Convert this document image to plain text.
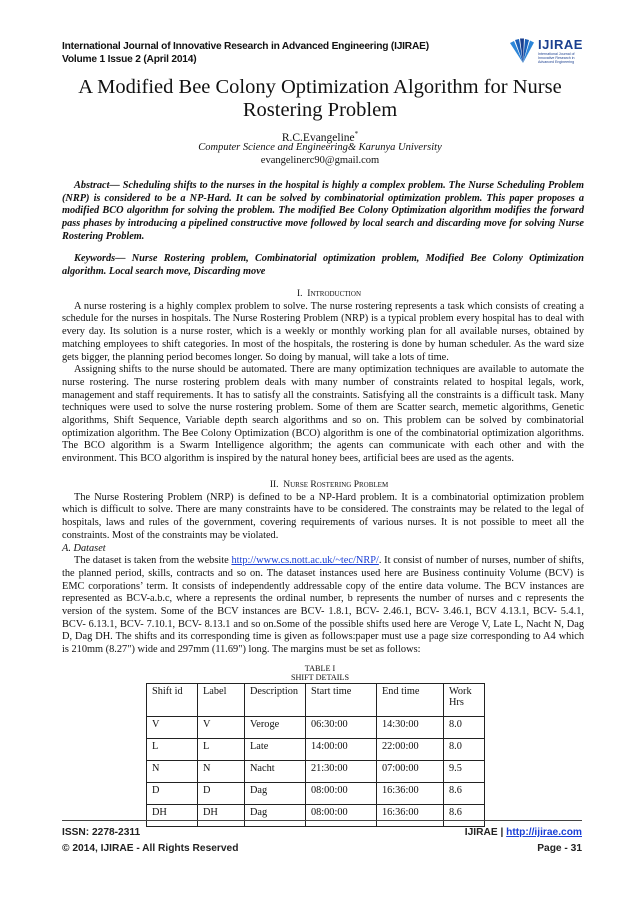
International Journal of Innovative Research in Advanced Engineering (IJIRAE)
Volume 1 Issue 2 (April 2014)
IJIRAE
International Journal of Innovative Research in Advanced Engineering
A Modified Bee Colony Optimization Algorithm for Nurse Rostering Problem
R.C.Evangeline*
Computer Science and Engineering& Karunya University
evangelinerc90@gmail.com
Abstract— Scheduling shifts to the nurses in the hospital is highly a complex problem. The Nurse Scheduling Problem (NRP) is considered to be a NP-Hard. It can be solved by combinatorial optimization problem. This paper proposes a modified BCO algorithm for solving the problem. The modified Bee Colony Optimization algorithm modifies the forward pass phases by introducing a pipelined constructive move followed by local search and discarding move for solving Nurse Rostering Problem.
Keywords— Nurse Rostering problem, Combinatorial optimization problem, Modified Bee Colony Optimization algorithm. Local search move, Discarding move

I. Introduction

A nurse rostering is a highly complex problem to solve. The nurse rostering represents a task which consists of creating a schedule for the nurses in hospitals. The Nurse Rostering Problem (NRP) is a typical problem every hospital has to deal with every day. Its solution is a nurse roster, which is a weekly or monthly working plan for all available nurses, obtained by matching employees to shift categories. In most of the hospitals, the rostering is done by human scheduler. As the ward size gets bigger, the planning period becomes longer. So doing by manual, will take a lots of time.

Assigning shifts to the nurse should be automated. There are many optimization techniques are available to automate the nurse rostering. The nurse rostering problem deals with many number of constraints related to hospital legals, work, management and staff requirements. It has to satisfy all the constraints. Satisfying all the constraints is a difficult task. Many techniques were used to solve the nurse rostering problem. Some of them are Scatter search, memetic algorithms, Genetic algorithms, Shift Sequence, Variable depth search algorithms and so on. This problem can be solved by combinatorial optimization algorithm. The Bee Colony Optimization (BCO) algorithm is one of the combinatorial optimization algorithms. The BCO algorithm is a Swarm Intelligence algorithm; the agents can communicate with each other and with the environment. This BCO algorithm is inspired by the natural honey bees, artificial bees are used as the agents.

II. Nurse Rostering Problem

The Nurse Rostering Problem (NRP) is defined to be a NP-Hard problem. It is a combinatorial optimization problem which is difficult to solve. There are many constraints have to be considered. The constraints may be related to the legal of hospitals, laws and rules of the government, covering requirements of various nurses. It is not possible to meet all the constraints. Most of the constraints may be violated.

A. Dataset

The dataset is taken from the website http://www.cs.nott.ac.uk/~tec/NRP/. It consist of number of nurses, number of shifts, the planned period, skills, contracts and so on. The dataset instances used here are Business continuity Volume (BCV) is EMC corporations’ term. It consists of independently addressable copy of the entire data volume. The BCV instances are represented as BCV-a.b.c, where a represents the ordinal number, b represents the number of nurses and c represents the version of the system. Some of the BCV instances are BCV- 1.8.1, BCV- 2.46.1, BCV- 3.46.1, BCV 4.13.1, BCV- 5.4.1, BCV- 6.13.1, BCV- 7.10.1, BCV- 8.13.1 and so on.Some of the possible shifts used here are Veroge V, Late L, Nacht N, Dag D, Dag DH. The shifts and its corresponding time is given as follows:paper must use a page size corresponding to A4 which is 210mm (8.27") wide and 297mm (11.69") long. The margins must be set as follows:

TABLE I
SHIFT DETAILS
Shift id	Label	Description	Start time	End time	Work Hrs
V	V	Veroge	06:30:00	14:30:00	8.0
L	L	Late	14:00:00	22:00:00	8.0
N	N	Nacht	21:30:00	07:00:00	9.5
D	D	Dag	08:00:00	16:36:00	8.6
DH	DH	Dag	08:00:00	16:36:00	8.6
ISSN: 2278-2311	IJIRAE | http://ijirae.com
© 2014, IJIRAE - All Rights Reserved	Page - 31
